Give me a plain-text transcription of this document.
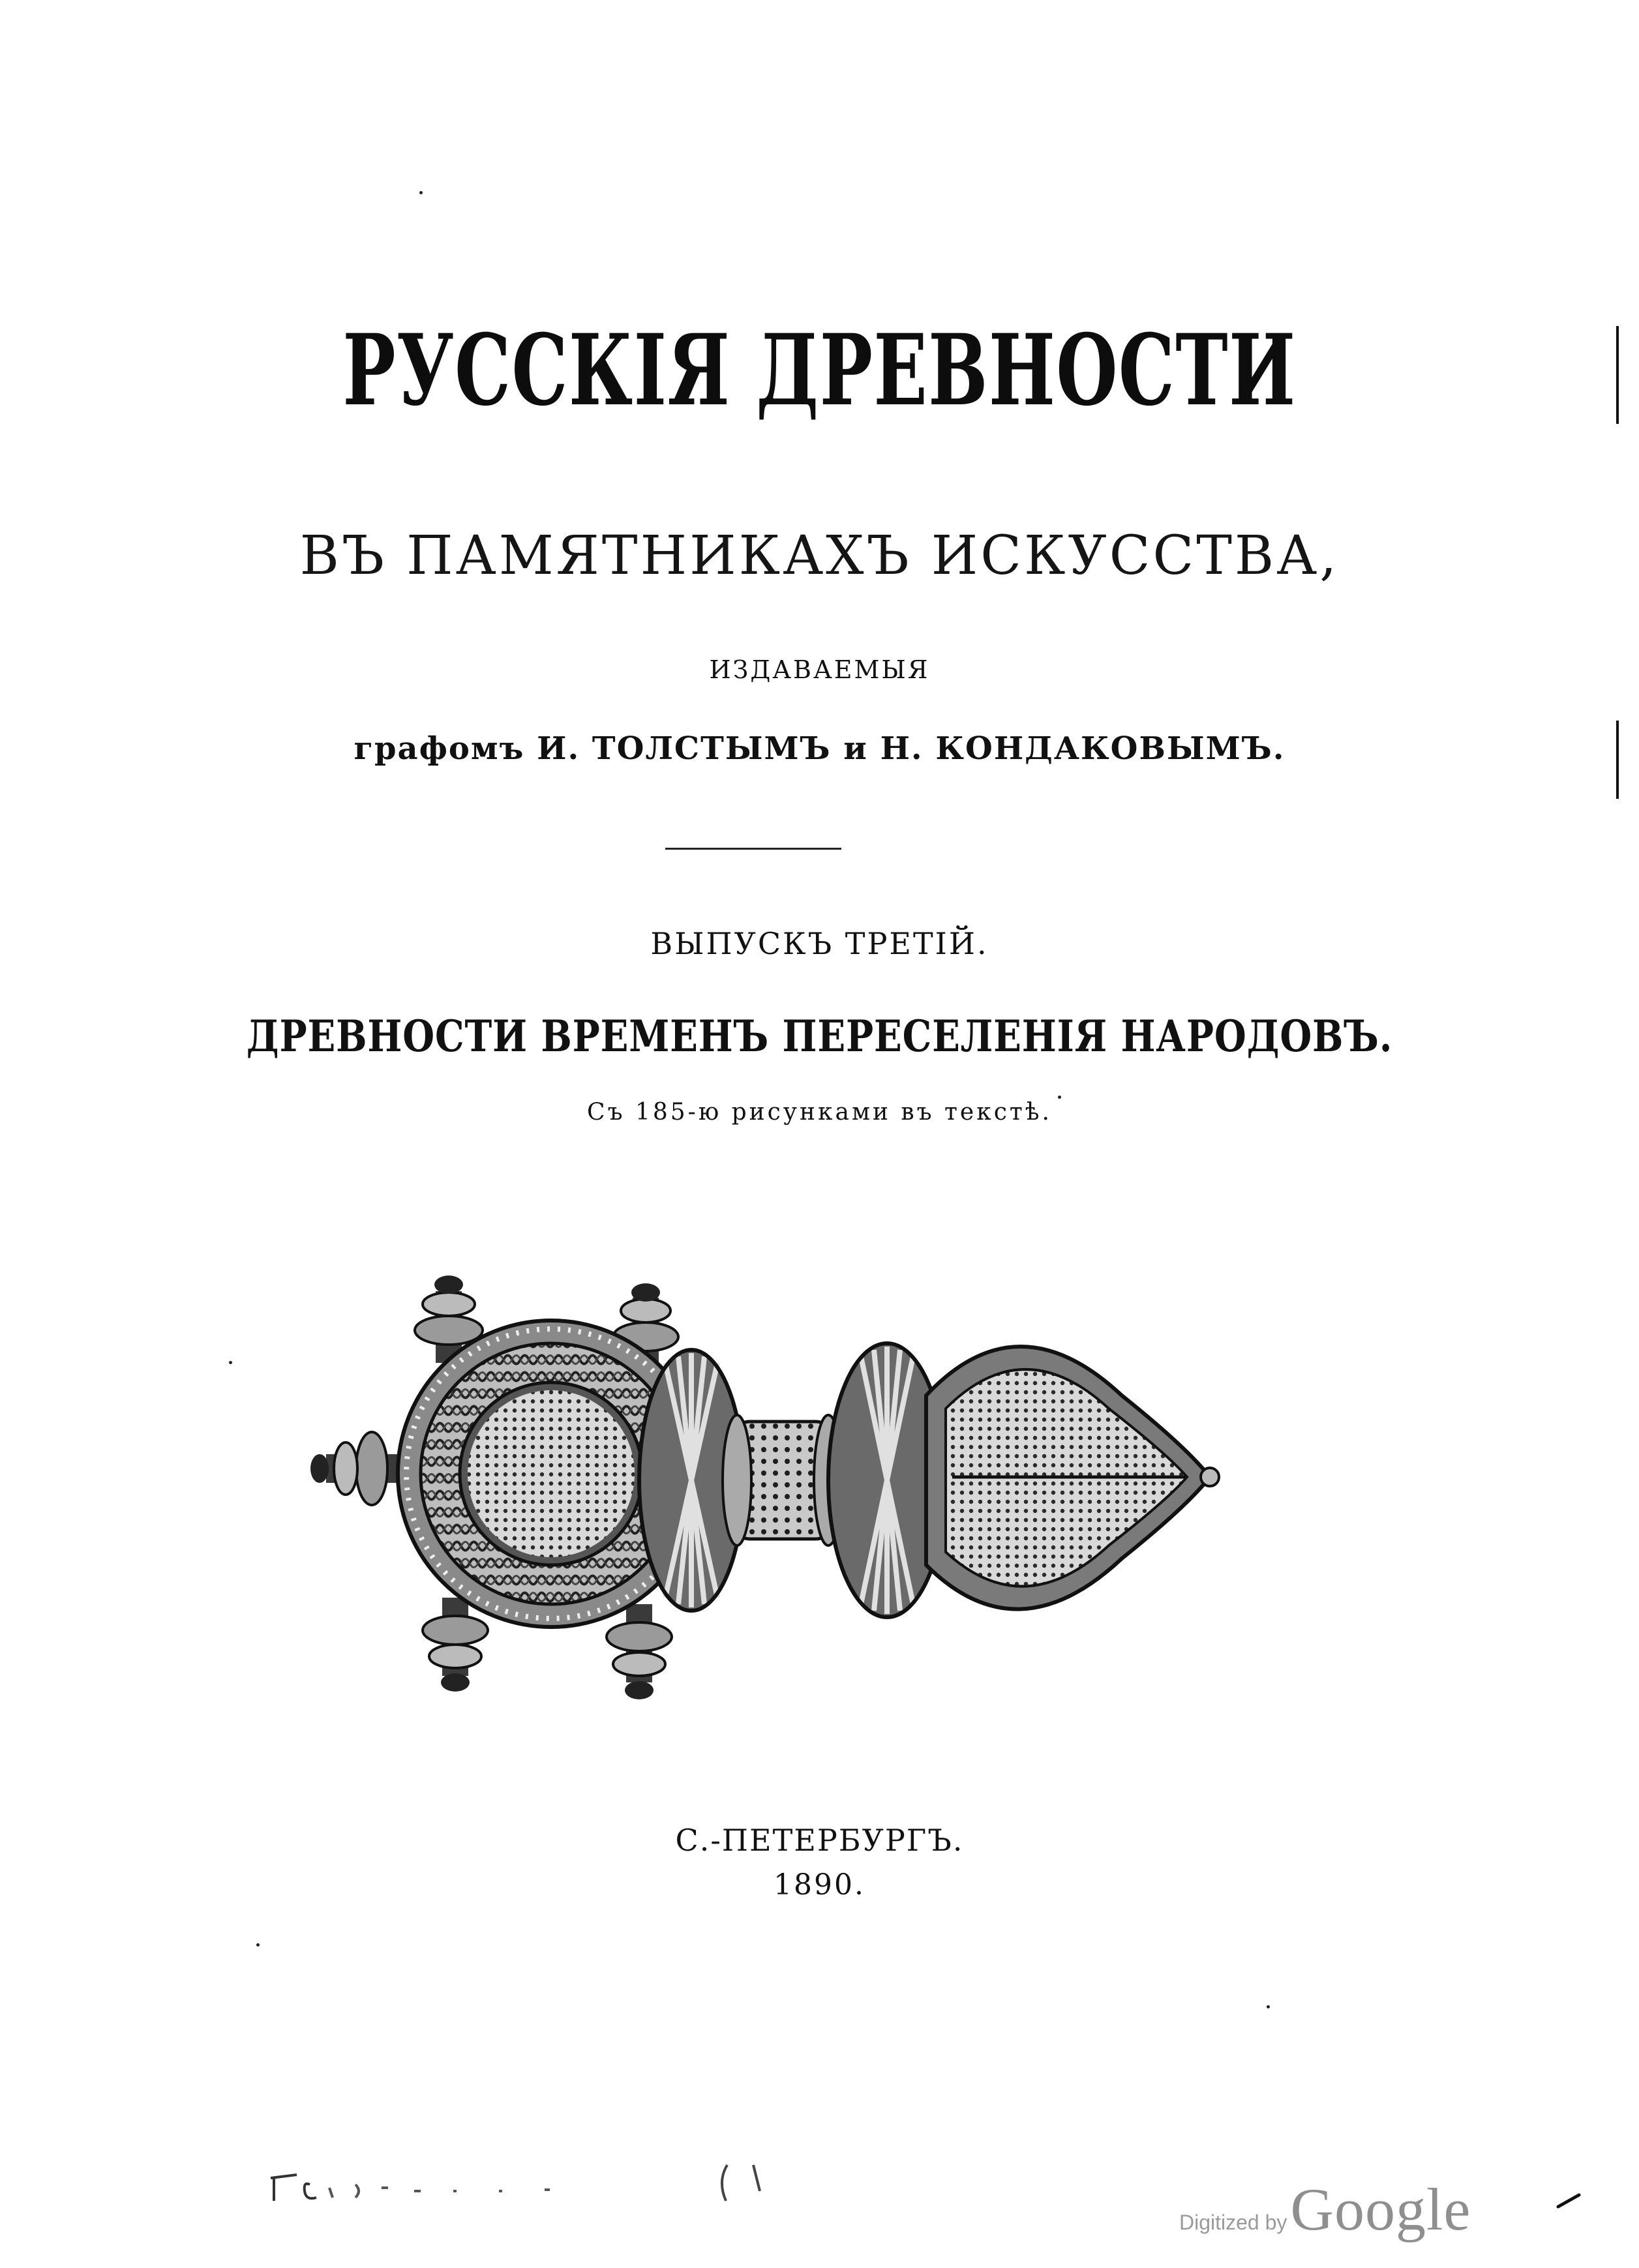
РУССКІЯ ДРЕВНОСТИ
ВЪ ПАМЯТНИКАХЪ ИСКУССТВА,
ИЗДАВАЕМЫЯ
графомъ И. ТОЛСТЫМЪ и Н. КОНДАКОВЫМЪ.
ВЫПУСКЪ ТРЕТІЙ.
ДРЕВНОСТИ ВРЕМЕНЪ ПЕРЕСЕЛЕНІЯ НАРОДОВЪ.
Съ 185-ю рисунками въ текстѣ.
С.-ПЕТЕРБУРГЪ.
1890.
Digitized by Google
